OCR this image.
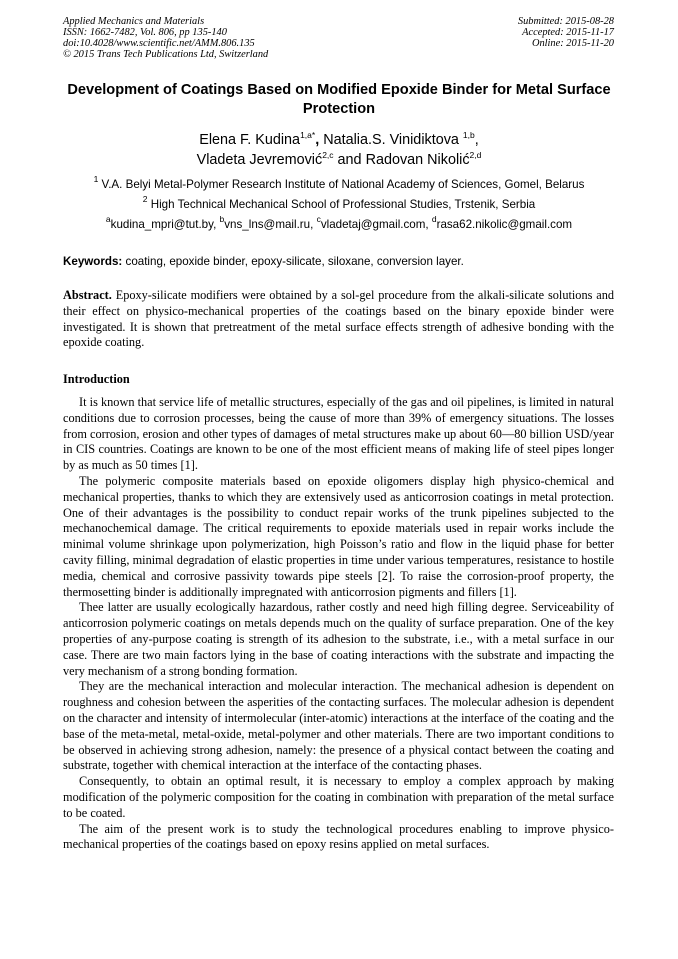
Applied Mechanics and Materials
ISSN: 1662-7482, Vol. 806, pp 135-140
doi:10.4028/www.scientific.net/AMM.806.135
© 2015 Trans Tech Publications Ltd, Switzerland
Submitted: 2015-08-28
Accepted: 2015-11-17
Online: 2015-11-20
Development of Coatings Based on Modified Epoxide Binder for Metal Surface Protection
Elena F. Kudina$^{1,a*}$, Natalia.S. Vinidiktova $^{1,b}$,
Vladeta Jevremović$^{2,c}$ and Radovan Nikolić$^{2,d}$
$^1$ V.A. Belyi Metal-Polymer Research Institute of National Academy of Sciences, Gomel, Belarus
$^2$ High Technical Mechanical School of Professional Studies, Trstenik, Serbia
$^a$kudina_mpri@tut.by, $^b$vns_lns@mail.ru, $^c$vladetaj@gmail.com, $^d$rasa62.nikolic@gmail.com
Keywords: coating, epoxide binder, epoxy-silicate, siloxane, conversion layer.
Abstract. Epoxy-silicate modifiers were obtained by a sol-gel procedure from the alkali-silicate solutions and their effect on physico-mechanical properties of the coatings based on the binary epoxide binder were investigated. It is shown that pretreatment of the metal surface effects strength of adhesive bonding with the epoxide coating.
Introduction

It is known that service life of metallic structures, especially of the gas and oil pipelines, is limited in natural conditions due to corrosion processes, being the cause of more than 39% of emergency situations. The losses from corrosion, erosion and other types of damages of metal structures make up about 60—80 billion USD/year in CIS countries. Coatings are known to be one of the most efficient means of making life of steel pipes longer by as much as 50 times [1].

The polymeric composite materials based on epoxide oligomers display high physico-chemical and mechanical properties, thanks to which they are extensively used as anticorrosion coatings in metal protection. One of their advantages is the possibility to conduct repair works of the trunk pipelines subjected to the mechanochemical damage. The critical requirements to epoxide materials used in repair works include the minimal volume shrinkage upon polymerization, high Poisson’s ratio and flow in the liquid phase for better cavity filling, minimal degradation of elastic properties in time under various temperatures, resistance to hostile media, chemical and corrosive passivity towards pipe steels [2]. To raise the corrosion-proof property, the thermosetting binder is additionally impregnated with anticorrosion pigments and fillers [1].

Thee latter are usually ecologically hazardous, rather costly and need high filling degree. Serviceability of anticorrosion polymeric coatings on metals depends much on the quality of surface preparation. One of the key properties of any-purpose coating is strength of its adhesion to the substrate, i.e., with a metal surface in our case. There are two main factors lying in the base of coating interactions with the substrate and impacting the very mechanism of a strong bonding formation.

They are the mechanical interaction and molecular interaction. The mechanical adhesion is dependent on roughness and cohesion between the asperities of the contacting surfaces. The molecular adhesion is dependent on the character and intensity of intermolecular (inter-atomic) interactions at the interface of the coating and the base of the meta-metal, metal-oxide, metal-polymer and other materials. There are two important conditions to be observed in achieving strong adhesion, namely: the presence of a physical contact between the coating and substrate, together with chemical interaction at the interface of the contacting phases.

Consequently, to obtain an optimal result, it is necessary to employ a complex approach by making modification of the polymeric composition for the coating in combination with preparation of the metal surface to be coated.

The aim of the present work is to study the technological procedures enabling to improve physico-mechanical properties of the coatings based on epoxy resins applied on metal surfaces.
